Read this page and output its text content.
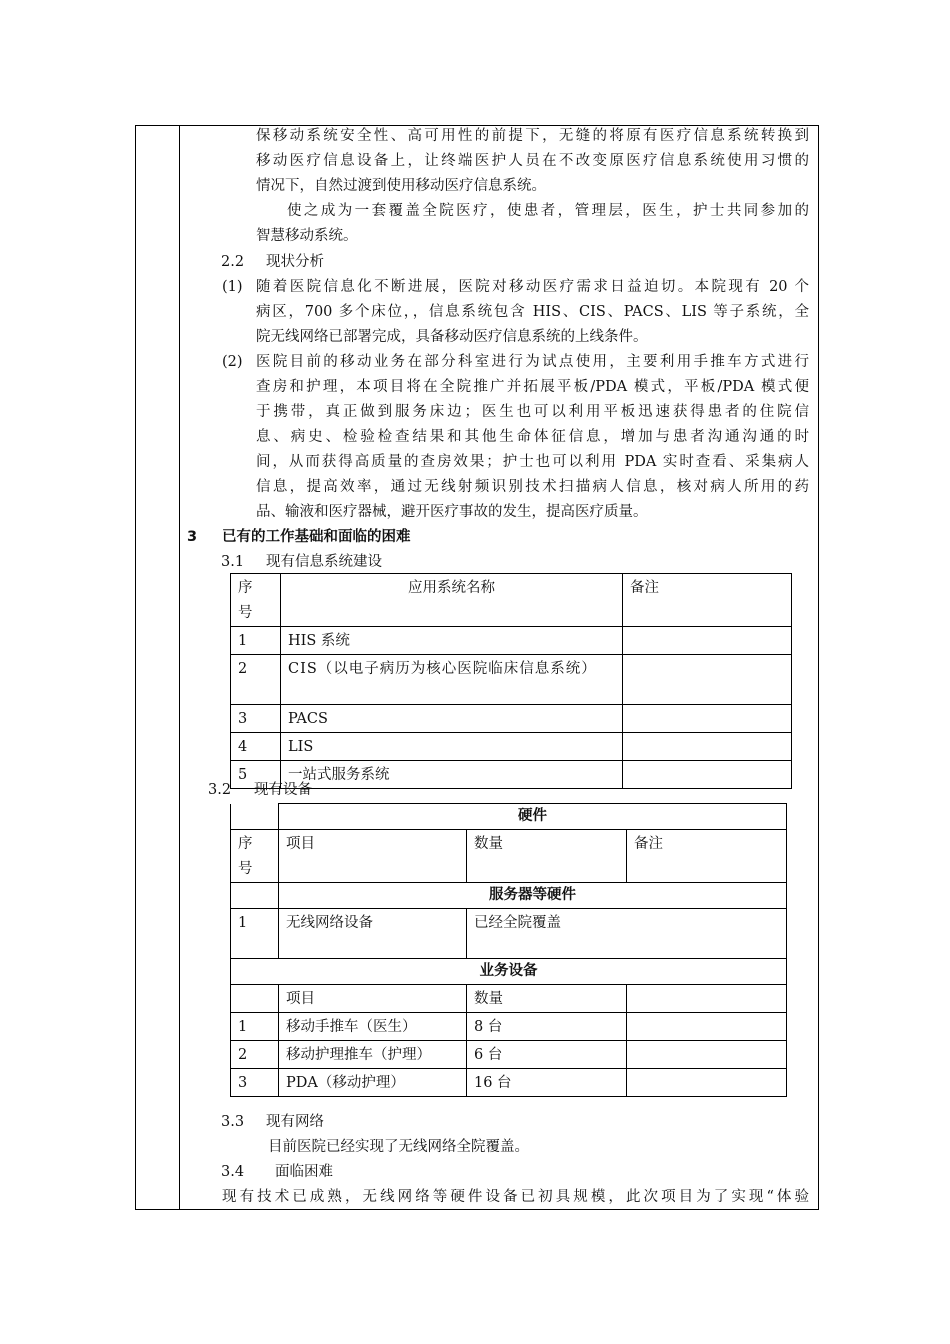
保移动系统安全性、高可用性的前提下，无缝的将原有医疗信息系统转换到
移动医疗信息设备上，让终端医护人员在不改变原医疗信息系统使用习惯的
情况下，自然过渡到使用移动医疗信息系统。
使之成为一套覆盖全院医疗，使患者，管理层，医生，护士共同参加的
智慧移动系统。
2.2 现状分析
(1) 随着医院信息化不断进展，医院对移动医疗需求日益迫切。本院现有 20 个
病区，700 多个床位，，信息系统包含 HIS、CIS、PACS、LIS 等子系统，全
院无线网络已部署完成，具备移动医疗信息系统的上线条件。
(2) 医院目前的移动业务在部分科室进行为试点使用，主要利用手推车方式进行
查房和护理，本项目将在全院推广并拓展平板/PDA 模式，平板/PDA 模式便
于携带，真正做到服务床边；医生也可以利用平板迅速获得患者的住院信
息、病史、检验检查结果和其他生命体征信息，增加与患者沟通沟通的时
间，从而获得高质量的查房效果；护士也可以利用 PDA 实时查看、采集病人
信息，提高效率，通过无线射频识别技术扫描病人信息，核对病人所用的药
品、输液和医疗器械，避开医疗事故的发生，提高医疗质量。
3 已有的工作基础和面临的困难
3.1 现有信息系统建设
序号	应用系统名称	备注
1	HIS 系统	
2	CIS（以电子病历为核心医院临床信息系统）	
3	PACS	
4	LIS	
5	一站式服务系统	
3.2 现有设备
	硬件		
序号	项目	数量	备注
	服务器等硬件		
1	无线网络设备	已经全院覆盖	
业务设备			
	项目	数量	
1	移动手推车（医生）	8 台	
2	移动护理推车（护理）	6 台	
3	PDA（移动护理）	16 台	
3.3 现有网络
目前医院已经实现了无线网络全院覆盖。
3.4 面临困难
现有技术已成熟，无线网络等硬件设备已初具规模，此次项目为了实现“体验
